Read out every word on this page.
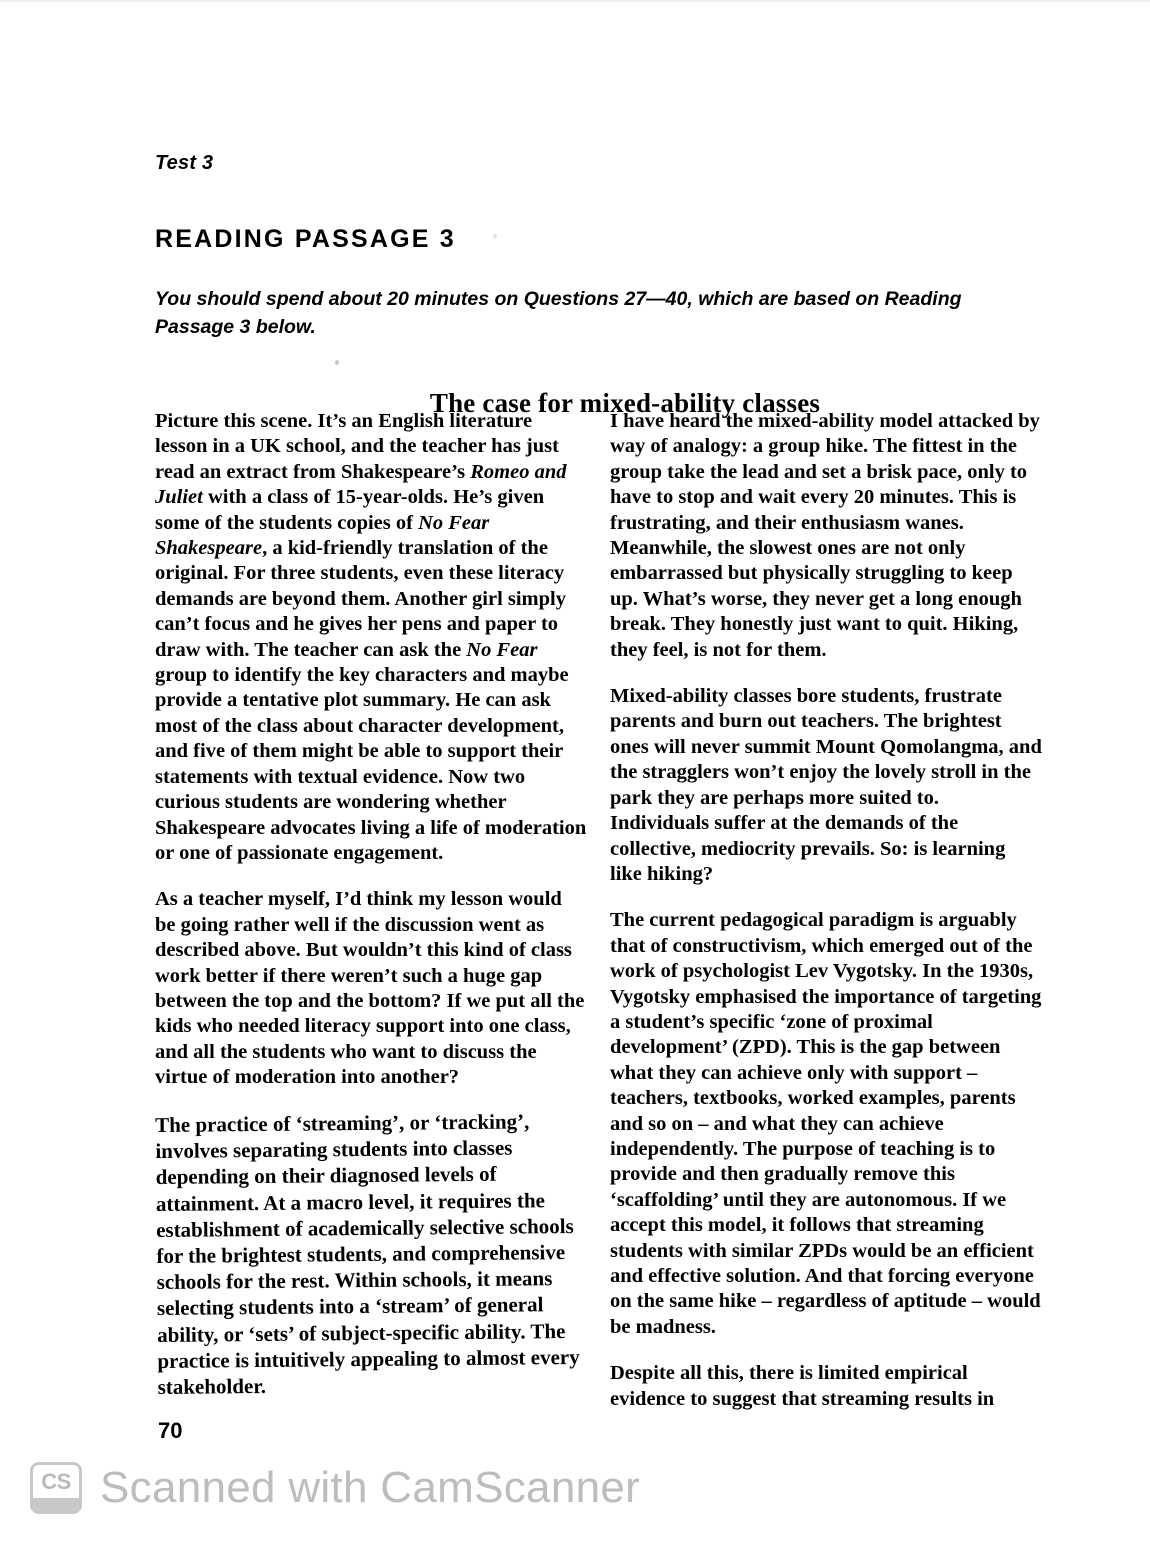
Test 3

READING PASSAGE 3

You should spend about 20 minutes on Questions 27—40, which are based on Reading Passage 3 below.

The case for mixed-ability classes

Picture this scene. It’s an English literature lesson in a UK school, and the teacher has just read an extract from Shakespeare’s Romeo and Juliet with a class of 15-year-olds. He’s given some of the students copies of No Fear Shakespeare, a kid-friendly translation of the original. For three students, even these literacy demands are beyond them. Another girl simply can’t focus and he gives her pens and paper to draw with. The teacher can ask the No Fear group to identify the key characters and maybe provide a tentative plot summary. He can ask most of the class about character development, and five of them might be able to support their statements with textual evidence. Now two curious students are wondering whether Shakespeare advocates living a life of moderation or one of passionate engagement.

As a teacher myself, I’d think my lesson would be going rather well if the discussion went as described above. But wouldn’t this kind of class work better if there weren’t such a huge gap between the top and the bottom? If we put all the kids who needed literacy support into one class, and all the students who want to discuss the virtue of moderation into another?

The practice of ‘streaming’, or ‘tracking’, involves separating students into classes depending on their diagnosed levels of attainment. At a macro level, it requires the establishment of academically selective schools for the brightest students, and comprehensive schools for the rest. Within schools, it means selecting students into a ‘stream’ of general ability, or ‘sets’ of subject-specific ability. The practice is intuitively appealing to almost every stakeholder.

I have heard the mixed-ability model attacked by way of analogy: a group hike. The fittest in the group take the lead and set a brisk pace, only to have to stop and wait every 20 minutes. This is frustrating, and their enthusiasm wanes. Meanwhile, the slowest ones are not only embarrassed but physically struggling to keep up. What’s worse, they never get a long enough break. They honestly just want to quit. Hiking, they feel, is not for them.

Mixed-ability classes bore students, frustrate parents and burn out teachers. The brightest ones will never summit Mount Qomolangma, and the stragglers won’t enjoy the lovely stroll in the park they are perhaps more suited to. Individuals suffer at the demands of the collective, mediocrity prevails. So: is learning like hiking?

The current pedagogical paradigm is arguably that of constructivism, which emerged out of the work of psychologist Lev Vygotsky. In the 1930s, Vygotsky emphasised the importance of targeting a student’s specific ‘zone of proximal development’ (ZPD). This is the gap between what they can achieve only with support – teachers, textbooks, worked examples, parents and so on – and what they can achieve independently. The purpose of teaching is to provide and then gradually remove this ‘scaffolding’ until they are autonomous. If we accept this model, it follows that streaming students with similar ZPDs would be an efficient and effective solution. And that forcing everyone on the same hike – regardless of aptitude – would be madness.

Despite all this, there is limited empirical evidence to suggest that streaming results in

70
CS Scanned with CamScanner
